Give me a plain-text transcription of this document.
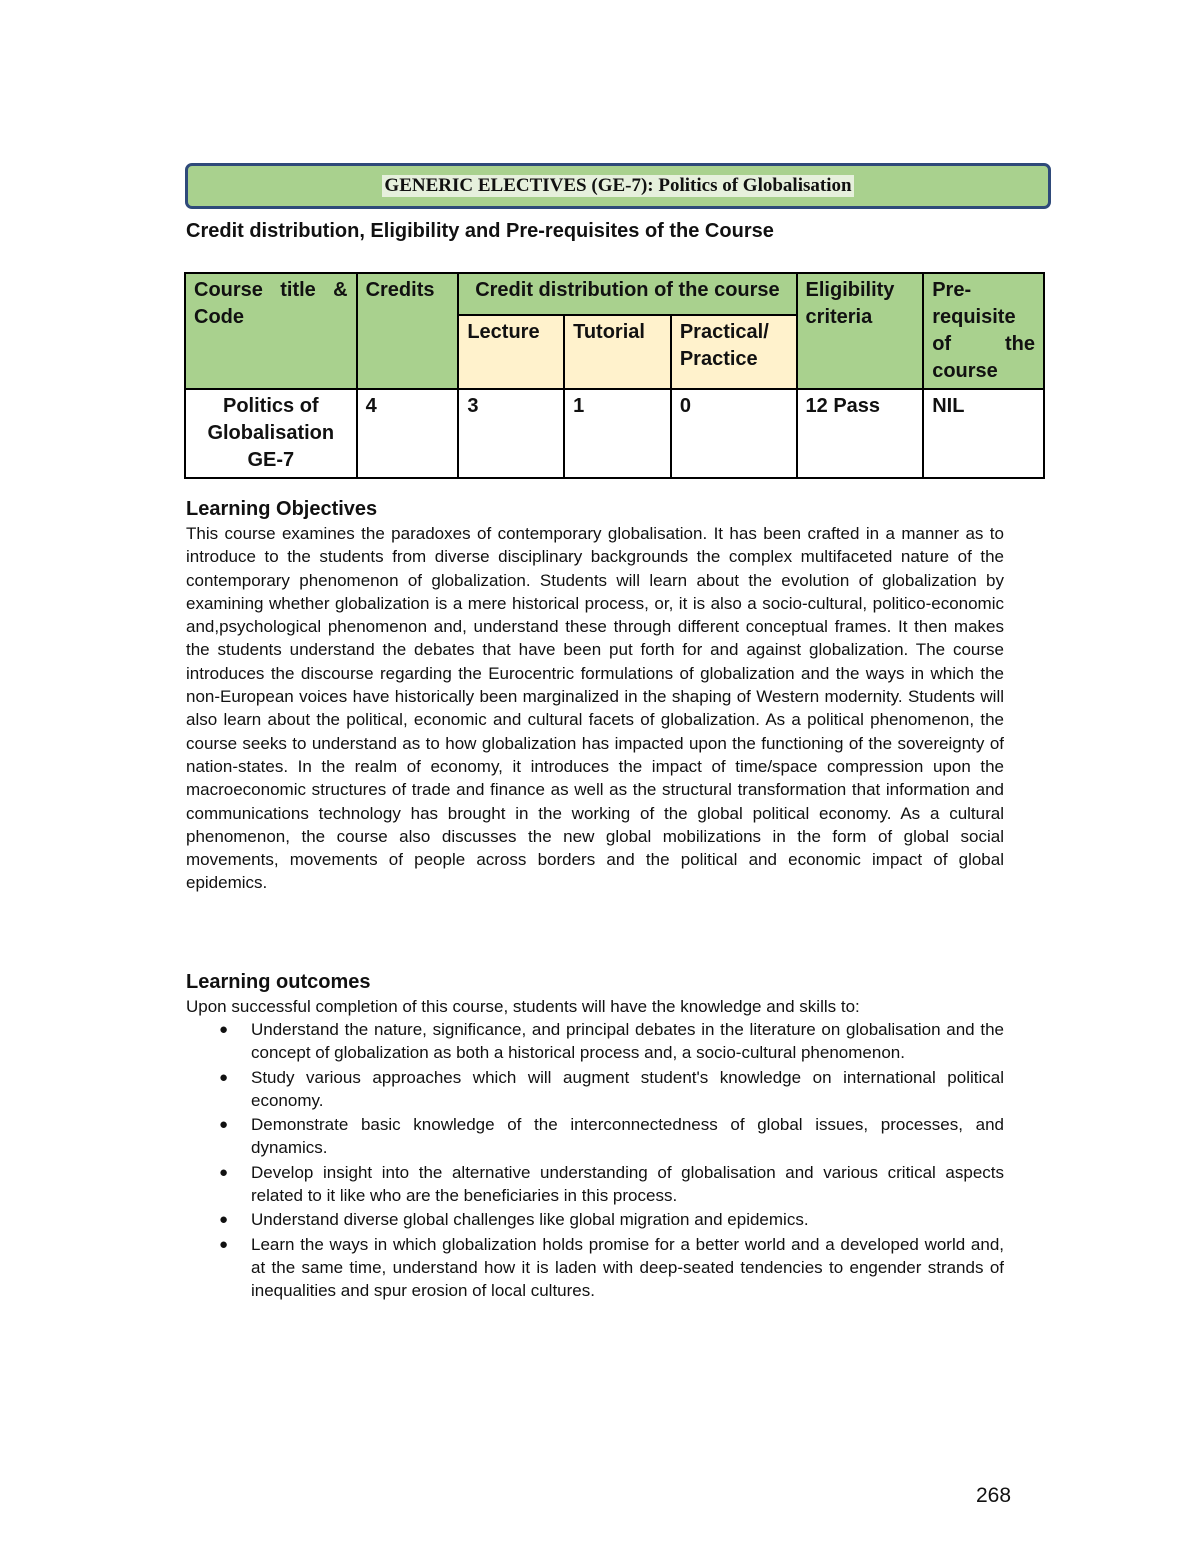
GENERIC ELECTIVES (GE-7): Politics of Globalisation
Credit distribution, Eligibility and Pre-requisites of the Course
Course title & Code	Credits	Credit distribution of the course			Eligibility criteria	Pre-requisite of the course
		Lecture	Tutorial	Practical/ Practice		

Politics of
Globalisation
GE-7	4	3	1	0	12 Pass	NIL
Learning Objectives

This course examines the paradoxes of contemporary globalisation. It has been crafted in a manner as to introduce to the students from diverse disciplinary backgrounds the complex multifaceted nature of the contemporary phenomenon of globalization. Students will learn about the evolution of globalization by examining whether globalization is a mere historical process, or, it is also a socio-cultural, politico-economic and,psychological phenomenon and, understand these through different conceptual frames. It then makes the students understand the debates that have been put forth for and against globalization. The course introduces the discourse regarding the Eurocentric formulations of globalization and the ways in which the non-European voices have historically been marginalized in the shaping of Western modernity. Students will also learn about the political, economic and cultural facets of globalization. As a political phenomenon, the course seeks to understand as to how globalization has impacted upon the functioning of the sovereignty of nation-states. In the realm of economy, it introduces the impact of time/space compression upon the macroeconomic structures of trade and finance as well as the structural transformation that information and communications technology has brought in the working of the global political economy. As a cultural phenomenon, the course also discusses the new global mobilizations in the form of global social movements, movements of people across borders and the political and economic impact of global epidemics.

Learning outcomes

Upon successful completion of this course, students will have the knowledge and skills to:

● Understand the nature, significance, and principal debates in the literature on globalisation and the concept of globalization as both a historical process and, a socio-cultural phenomenon.
● Study various approaches which will augment student's knowledge on international political economy.
● Demonstrate basic knowledge of the interconnectedness of global issues, processes, and dynamics.
● Develop insight into the alternative understanding of globalisation and various critical aspects related to it like who are the beneficiaries in this process.
● Understand diverse global challenges like global migration and epidemics.
● Learn the ways in which globalization holds promise for a better world and a developed world and, at the same time, understand how it is laden with deep-seated tendencies to engender strands of inequalities and spur erosion of local cultures.
268
